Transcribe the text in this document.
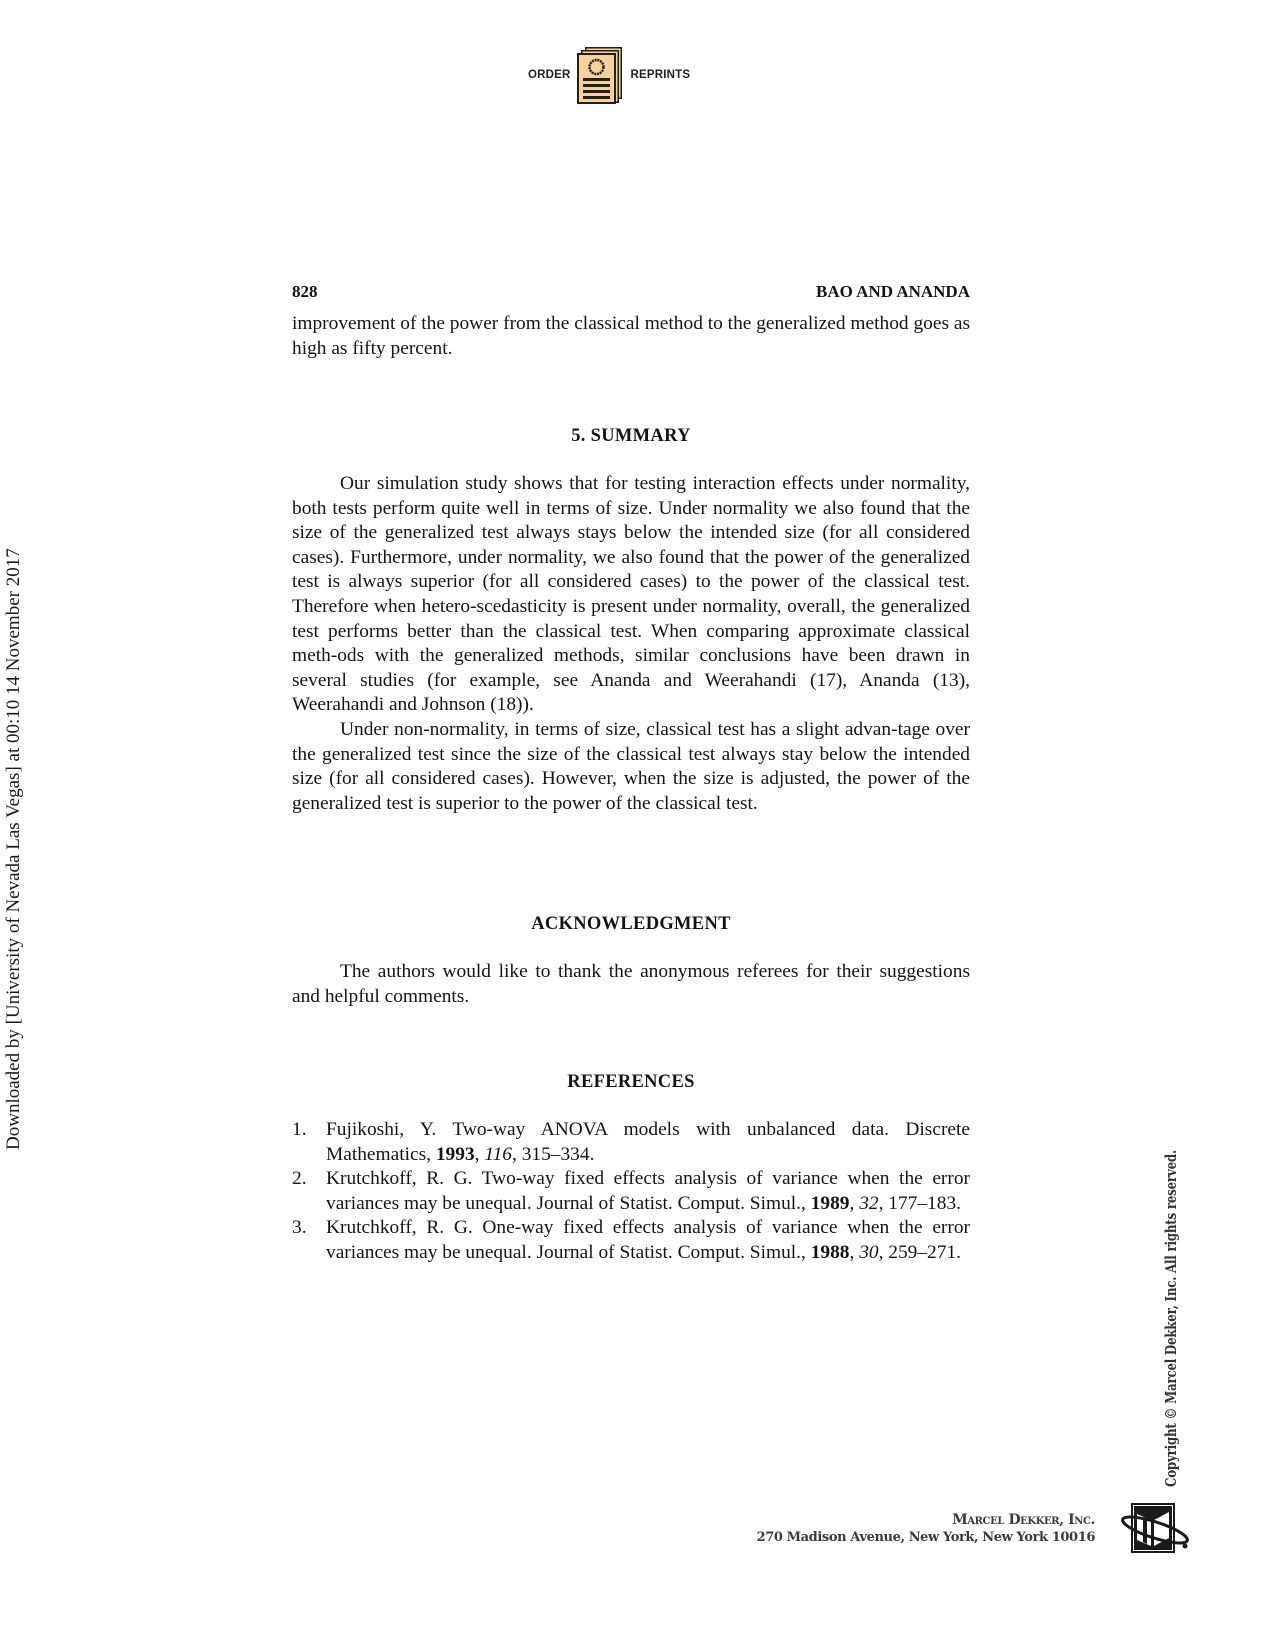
ORDER	REPRINTS
828	BAO AND ANANDA

improvement of the power from the classical method to the generalized method goes as high as fifty percent.

5. SUMMARY

Our simulation study shows that for testing interaction effects under normality, both tests perform quite well in terms of size. Under normality we also found that the size of the generalized test always stays below the intended size (for all considered cases). Furthermore, under normality, we also found that the power of the generalized test is always superior (for all considered cases) to the power of the classical test. Therefore when hetero-scedasticity is present under normality, overall, the generalized test performs better than the classical test. When comparing approximate classical meth-ods with the generalized methods, similar conclusions have been drawn in several studies (for example, see Ananda and Weerahandi (17), Ananda (13), Weerahandi and Johnson (18)).

Under non-normality, in terms of size, classical test has a slight advan-tage over the generalized test since the size of the classical test always stay below the intended size (for all considered cases). However, when the size is adjusted, the power of the generalized test is superior to the power of the classical test.

ACKNOWLEDGMENT

The authors would like to thank the anonymous referees for their suggestions and helpful comments.

REFERENCES
1. Fujikoshi, Y. Two-way ANOVA models with unbalanced data. Discrete Mathematics, 1993, 116, 315–334.
2. Krutchkoff, R. G. Two-way fixed effects analysis of variance when the error variances may be unequal. Journal of Statist. Comput. Simul., 1989, 32, 177–183.
3. Krutchkoff, R. G. One-way fixed effects analysis of variance when the error variances may be unequal. Journal of Statist. Comput. Simul., 1988, 30, 259–271.
Downloaded by [University of Nevada Las Vegas] at 00:10 14 November 2017
Copyright © Marcel Dekker, Inc. All rights reserved.
Marcel Dekker, Inc.
270 Madison Avenue, New York, New York 10016
